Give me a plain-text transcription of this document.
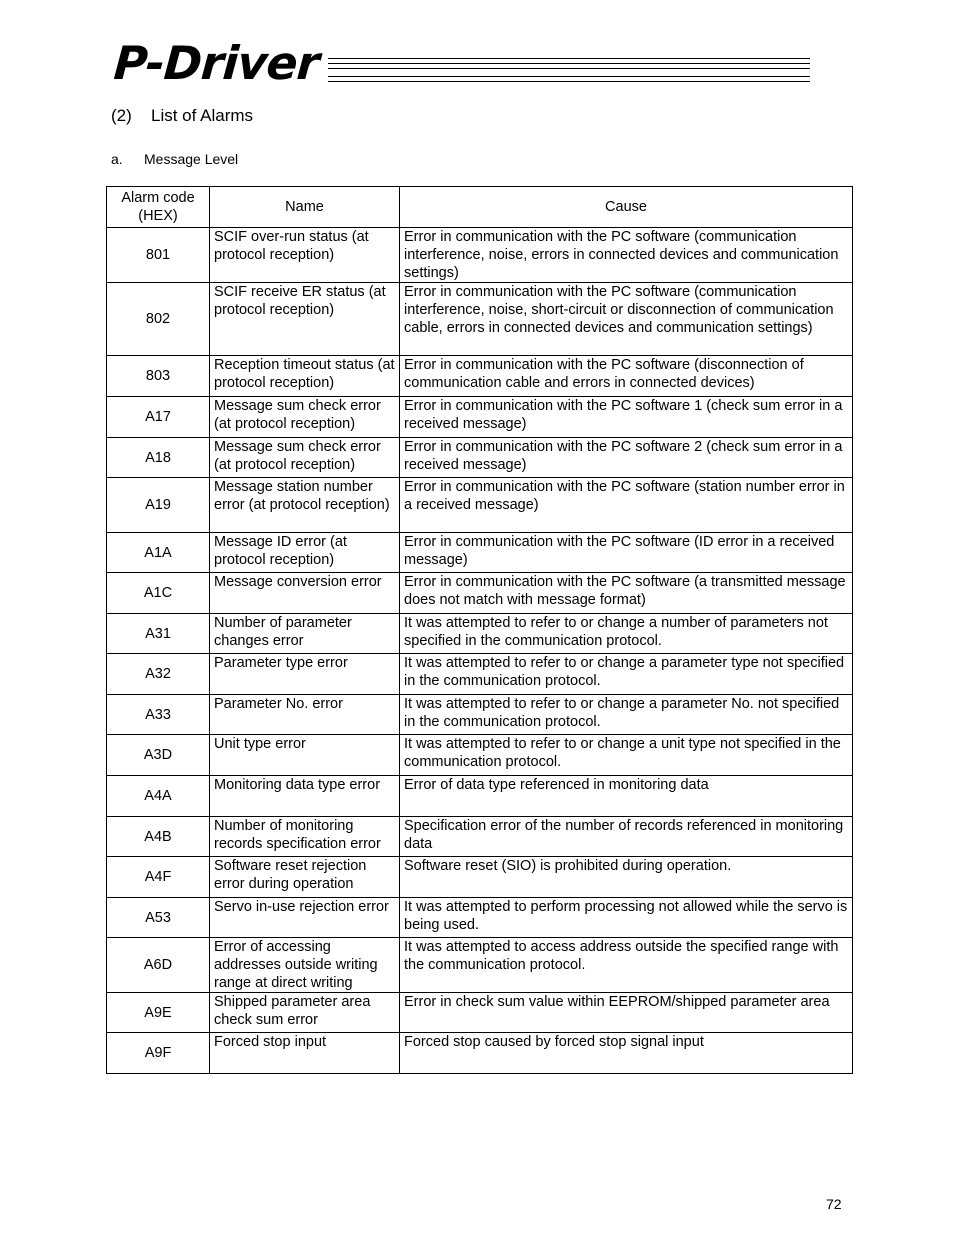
P-Driver
(2) List of Alarms
a. Message Level
Alarm code (HEX)	Name	Cause
801	SCIF over-run status (at protocol reception)	Error in communication with the PC software (communication interference, noise, errors in connected devices and communication settings)
802	SCIF receive ER status (at protocol reception)	Error in communication with the PC software (communication interference, noise, short-circuit or disconnection of communication cable, errors in connected devices and communication settings)
803	Reception timeout status (at protocol reception)	Error in communication with the PC software (disconnection of communication cable and errors in connected devices)
A17	Message sum check error (at protocol reception)	Error in communication with the PC software 1 (check sum error in a received message)
A18	Message sum check error (at protocol reception)	Error in communication with the PC software 2 (check sum error in a received message)
A19	Message station number error (at protocol reception)	Error in communication with the PC software (station number error in a received message)
A1A	Message ID error (at protocol reception)	Error in communication with the PC software (ID error in a received message)
A1C	Message conversion error	Error in communication with the PC software (a transmitted message does not match with message format)
A31	Number of parameter changes error	It was attempted to refer to or change a number of parameters not specified in the communication protocol.
A32	Parameter type error	It was attempted to refer to or change a parameter type not specified in the communication protocol.
A33	Parameter No. error	It was attempted to refer to or change a parameter No. not specified in the communication protocol.
A3D	Unit type error	It was attempted to refer to or change a unit type not specified in the communication protocol.
A4A	Monitoring data type error	Error of data type referenced in monitoring data
A4B	Number of monitoring records specification error	Specification error of the number of records referenced in monitoring data
A4F	Software reset rejection error during operation	Software reset (SIO) is prohibited during operation.
A53	Servo in-use rejection error	It was attempted to perform processing not allowed while the servo is being used.
A6D	Error of accessing addresses outside writing range at direct writing	It was attempted to access address outside the specified range with the communication protocol.
A9E	Shipped parameter area check sum error	Error in check sum value within EEPROM/shipped parameter area
A9F	Forced stop input	Forced stop caused by forced stop signal input
72
